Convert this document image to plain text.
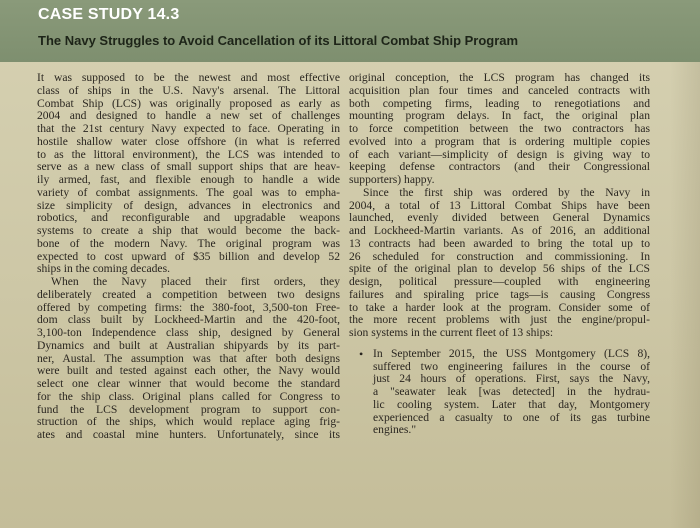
CASE STUDY 14.3
The Navy Struggles to Avoid Cancellation of its Littoral Combat Ship Program
It was supposed to be the newest and most effective
class of ships in the U.S. Navy's arsenal. The Littoral
Combat Ship (LCS) was originally proposed as early as
2004 and designed to handle a new set of challenges
that the 21st century Navy expected to face. Operating in
hostile shallow water close offshore (in what is referred
to as the littoral environment), the LCS was intended to
serve as a new class of small support ships that are heav-
ily armed, fast, and flexible enough to handle a wide
variety of combat assignments. The goal was to empha-
size simplicity of design, advances in electronics and
robotics, and reconfigurable and upgradable weapons
systems to create a ship that would become the back-
bone of the modern Navy. The original program was
expected to cost upward of $35 billion and develop 52
ships in the coming decades.
When the Navy placed their first orders, they
deliberately created a competition between two designs
offered by competing firms: the 380-foot, 3,500-ton Free-
dom class built by Lockheed-Martin and the 420-foot,
3,100-ton Independence class ship, designed by General
Dynamics and built at Australian shipyards by its part-
ner, Austal. The assumption was that after both designs
were built and tested against each other, the Navy would
select one clear winner that would become the standard
for the ship class. Original plans called for Congress to
fund the LCS development program to support con-
struction of the ships, which would replace aging frig-
ates and coastal mine hunters. Unfortunately, since its
original conception, the LCS program has changed its
acquisition plan four times and canceled contracts with
both competing firms, leading to renegotiations and
mounting program delays. In fact, the original plan
to force competition between the two contractors has
evolved into a program that is ordering multiple copies
of each variant—simplicity of design is giving way to
keeping defense contractors (and their Congressional
supporters) happy.
Since the first ship was ordered by the Navy in
2004, a total of 13 Littoral Combat Ships have been
launched, evenly divided between General Dynamics
and Lockheed-Martin variants. As of 2016, an additional
13 contracts had been awarded to bring the total up to
26 scheduled for construction and commissioning. In
spite of the original plan to develop 56 ships of the LCS
design, political pressure—coupled with engineering
failures and spiraling price tags—is causing Congress
to take a harder look at the program. Consider some of
the more recent problems with just the engine/propul-
sion systems in the current fleet of 13 ships:
• In September 2015, the USS Montgomery (LCS 8),
suffered two engineering failures in the course of
just 24 hours of operations. First, says the Navy,
a "seawater leak [was detected] in the hydrau-
lic cooling system. Later that day, Montgomery
experienced a casualty to one of its gas turbine
engines."
